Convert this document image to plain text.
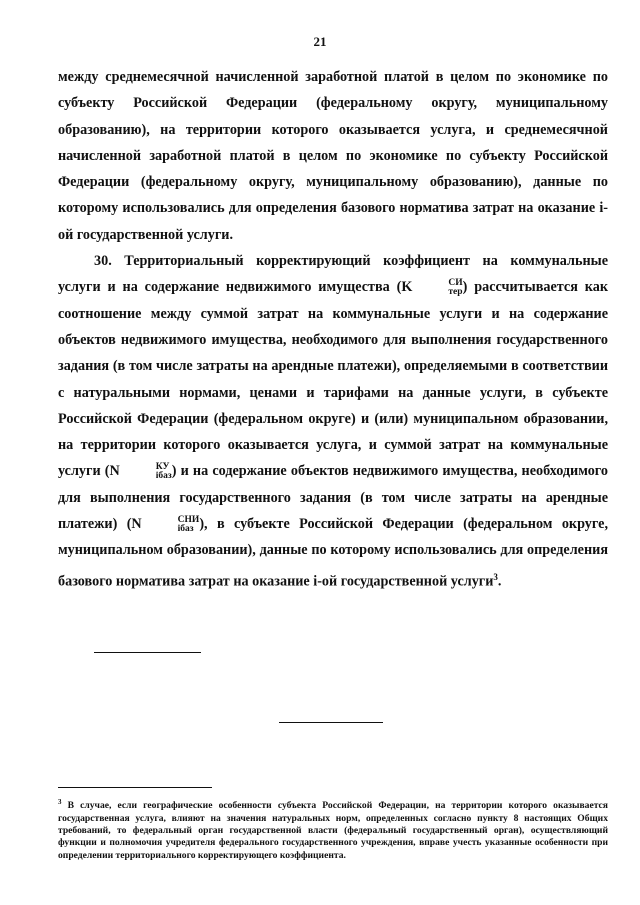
21

между среднемесячной начисленной заработной платой в целом по экономике по субъекту Российской Федерации (федеральному округу, муниципальному образованию), на территории которого оказывается услуга, и среднемесячной начисленной заработной платой в целом по экономике по субъекту Российской Федерации (федеральному округу, муниципальному образованию), данные по которому использовались для определения базового норматива затрат на оказание i-ой государственной услуги.

30. Территориальный корректирующий коэффициент на коммунальные услуги и на содержание недвижимого имущества (K	СИ
тер ) рассчитывается как соотношение между суммой затрат на коммунальные услуги и на содержание объектов недвижимого имущества, необходимого для выполнения государственного задания (в том числе затраты на арендные платежи), определяемыми в соответствии с натуральными нормами, ценами и тарифами на данные услуги, в субъекте Российской Федерации (федеральном округе) и (или) муниципальном образовании, на территории которого оказывается услуга, и суммой затрат на коммунальные услуги (N	КУ
iбаз ) и на содержание объектов недвижимого имущества, необходимого для выполнения государственного задания (в том числе затраты на арендные платежи) (N	СНИ
iбаз ), в субъекте Российской Федерации (федеральном округе, муниципальном образовании), данные по которому использовались для определения базового норматива затрат на оказание i-ой государственной услуги$^3$.

$^3$ В случае, если географические особенности субъекта Российской Федерации, на территории которого оказывается государственная услуга, влияют на значения натуральных норм, определенных согласно пункту 8 настоящих Общих требований, то федеральный орган государственной власти (федеральный государственный орган), осуществляющий функции и полномочия учредителя федерального государственного учреждения, вправе учесть указанные особенности при определении территориального корректирующего коэффициента.
